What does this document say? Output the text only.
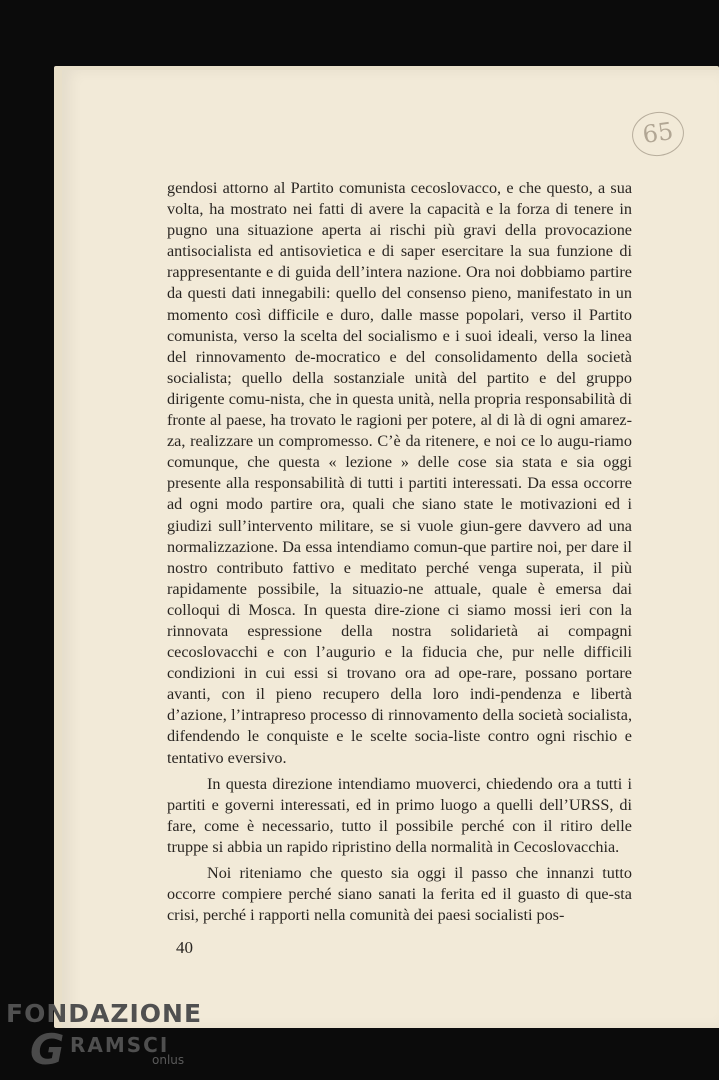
65

gendosi attorno al Partito comunista cecoslovacco, e che questo, a sua volta, ha mostrato nei fatti di avere la capacità e la forza di tenere in pugno una situazione aperta ai rischi più gravi della provocazione antisocialista ed antisovietica e di saper esercitare la sua funzione di rappresentante e di guida dell’intera nazione. Ora noi dobbiamo partire da questi dati innegabili: quello del consenso pieno, manifestato in un momento così difficile e duro, dalle masse popolari, verso il Partito comunista, verso la scelta del socialismo e i suoi ideali, verso la linea del rinnovamento de-mocratico e del consolidamento della società socialista; quello della sostanziale unità del partito e del gruppo dirigente comu-nista, che in questa unità, nella propria responsabilità di fronte al paese, ha trovato le ragioni per potere, al di là di ogni amarez-za, realizzare un compromesso. C’è da ritenere, e noi ce lo augu-riamo comunque, che questa « lezione » delle cose sia stata e sia oggi presente alla responsabilità di tutti i partiti interessati. Da essa occorre ad ogni modo partire ora, quali che siano state le motivazioni ed i giudizi sull’intervento militare, se si vuole giun-gere davvero ad una normalizzazione. Da essa intendiamo comun-que partire noi, per dare il nostro contributo fattivo e meditato perché venga superata, il più rapidamente possibile, la situazio-ne attuale, quale è emersa dai colloqui di Mosca. In questa dire-zione ci siamo mossi ieri con la rinnovata espressione della nostra solidarietà ai compagni cecoslovacchi e con l’augurio e la fiducia che, pur nelle difficili condizioni in cui essi si trovano ora ad ope-rare, possano portare avanti, con il pieno recupero della loro indi-pendenza e libertà d’azione, l’intrapreso processo di rinnovamento della società socialista, difendendo le conquiste e le scelte socia-liste contro ogni rischio e tentativo eversivo.

In questa direzione intendiamo muoverci, chiedendo ora a tutti i partiti e governi interessati, ed in primo luogo a quelli dell’URSS, di fare, come è necessario, tutto il possibile perché con il ritiro delle truppe si abbia un rapido ripristino della normalità in Cecoslovacchia.

Noi riteniamo che questo sia oggi il passo che innanzi tutto occorre compiere perché siano sanati la ferita ed il guasto di que-sta crisi, perché i rapporti nella comunità dei paesi socialisti pos-

40
FONDAZIONE
G RAMSCI
onlus
